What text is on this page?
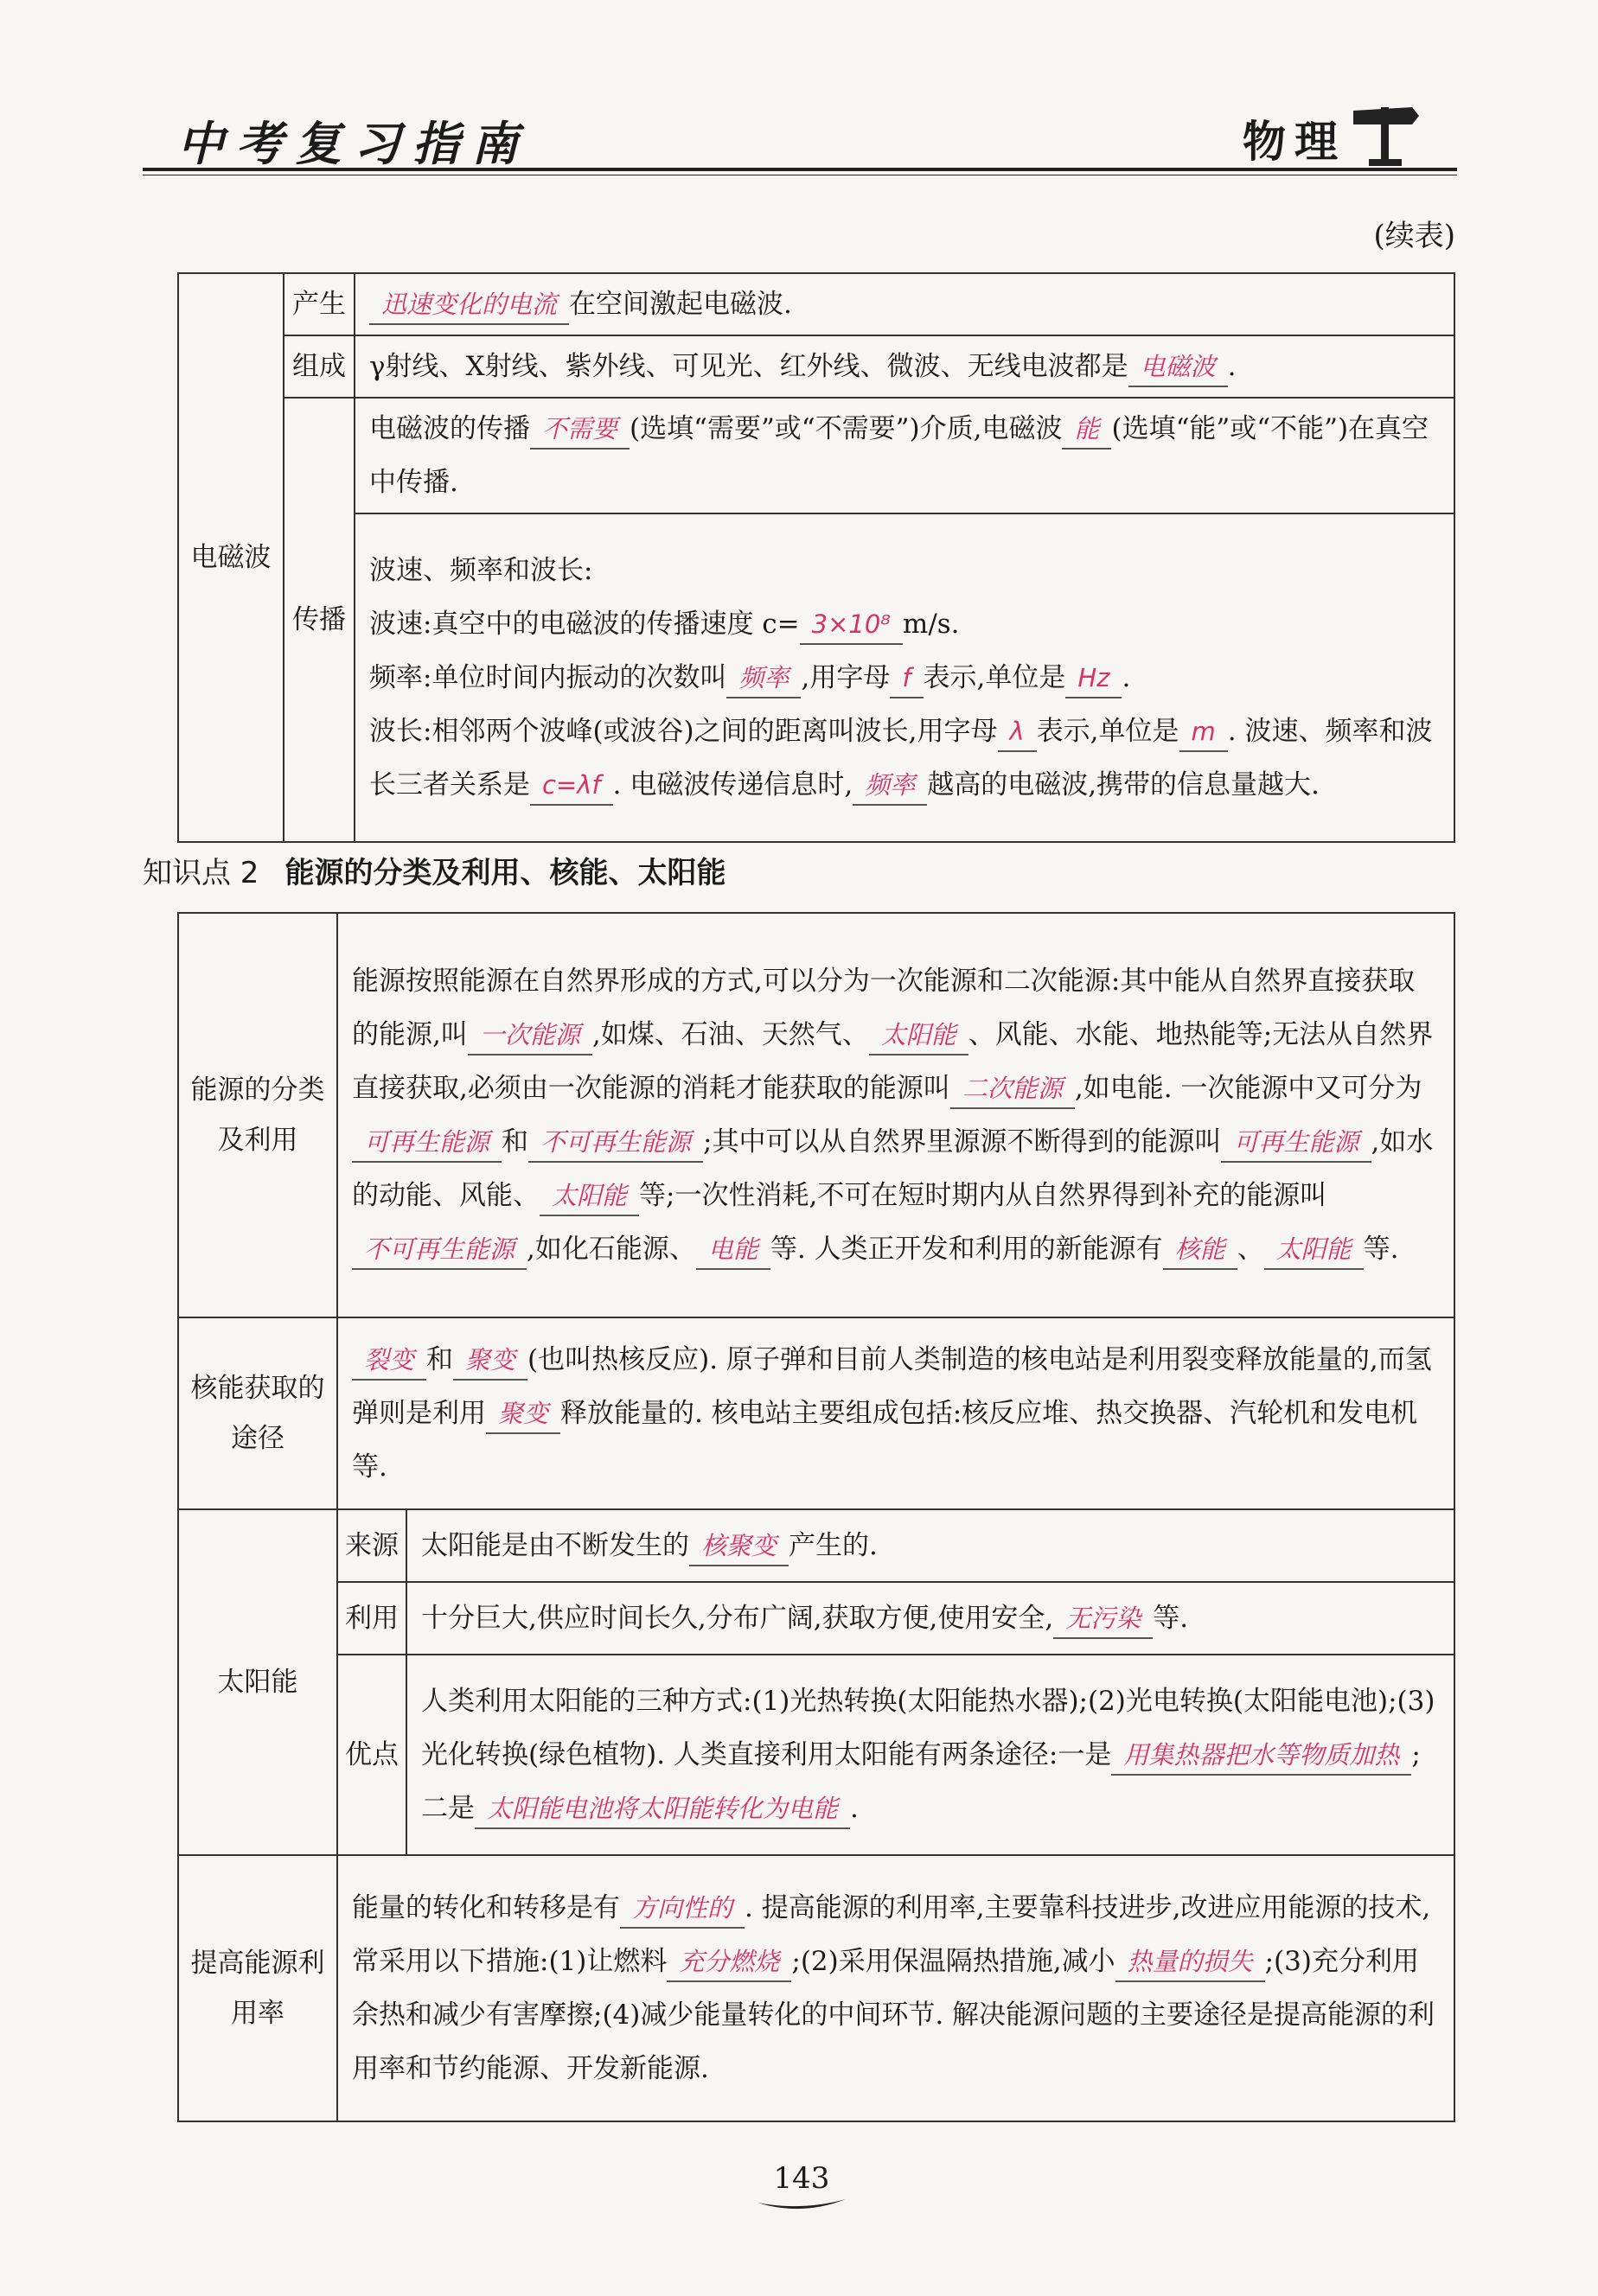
中考复习指南	物理
(续表)
电磁波	产生	迅速变化的电流 在空间激起电磁波.
	组成	γ射线、X射线、紫外线、可见光、红外线、微波、无线电波都是 电磁波 .
	传播	电磁波的传播 不需要 (选填“需要”或“不需要”)介质,电磁波 能 (选填“能”或“不能”)在真空中传播.

		波速、频率和波长:
波速:真空中的电磁波的传播速度 c= 3×10⁸ m/s.
频率:单位时间内振动的次数叫 频率 ,用字母 f 表示,单位是 Hz .
波长:相邻两个波峰(或波谷)之间的距离叫波长,用字母 λ 表示,单位是 m . 波速、频率和波长三者关系是 c=λf . 电磁波传递信息时, 频率 越高的电磁波,携带的信息量越大.
知识点 2 能源的分类及利用、核能、太阳能
能源的分类及利用	能源按照能源在自然界形成的方式,可以分为一次能源和二次能源:其中能从自然界直接获取的能源,叫 一次能源 ,如煤、石油、天然气、 太阳能 、风能、水能、地热能等;无法从自然界直接获取,必须由一次能源的消耗才能获取的能源叫 二次能源 ,如电能. 一次能源中又可分为可再生能源 和 不可再生能源 ;其中可以从自然界里源源不断得到的能源叫 可再生能源 ,如水的动能、风能、 太阳能 等;一次性消耗,不可在短时期内从自然界得到补充的能源叫不可再生能源 ,如化石能源、 电能 等. 人类正开发和利用的新能源有 核能 、 太阳能 等.	
核能获取的途径	裂变 和 聚变 (也叫热核反应). 原子弹和目前人类制造的核电站是利用裂变释放能量的,而氢弹则是利用 聚变 释放能量的. 核电站主要组成包括:核反应堆、热交换器、汽轮机和发电机等.	
太阳能	来源	太阳能是由不断发生的 核聚变 产生的.
	利用	十分巨大,供应时间长久,分布广阔,获取方便,使用安全, 无污染 等.
	优点	人类利用太阳能的三种方式:(1)光热转换(太阳能热水器);(2)光电转换(太阳能电池);(3)光化转换(绿色植物). 人类直接利用太阳能有两条途径:一是 用集热器把水等物质加热 ;二是 太阳能电池将太阳能转化为电能 .
提高能源利用率	能量的转化和转移是有 方向性的 . 提高能源的利用率,主要靠科技进步,改进应用能源的技术,常采用以下措施:(1)让燃料 充分燃烧 ;(2)采用保温隔热措施,减小 热量的损失 ;(3)充分利用余热和减少有害摩擦;(4)减少能量转化的中间环节. 解决能源问题的主要途径是提高能源的利用率和节约能源、开发新能源.	
143
